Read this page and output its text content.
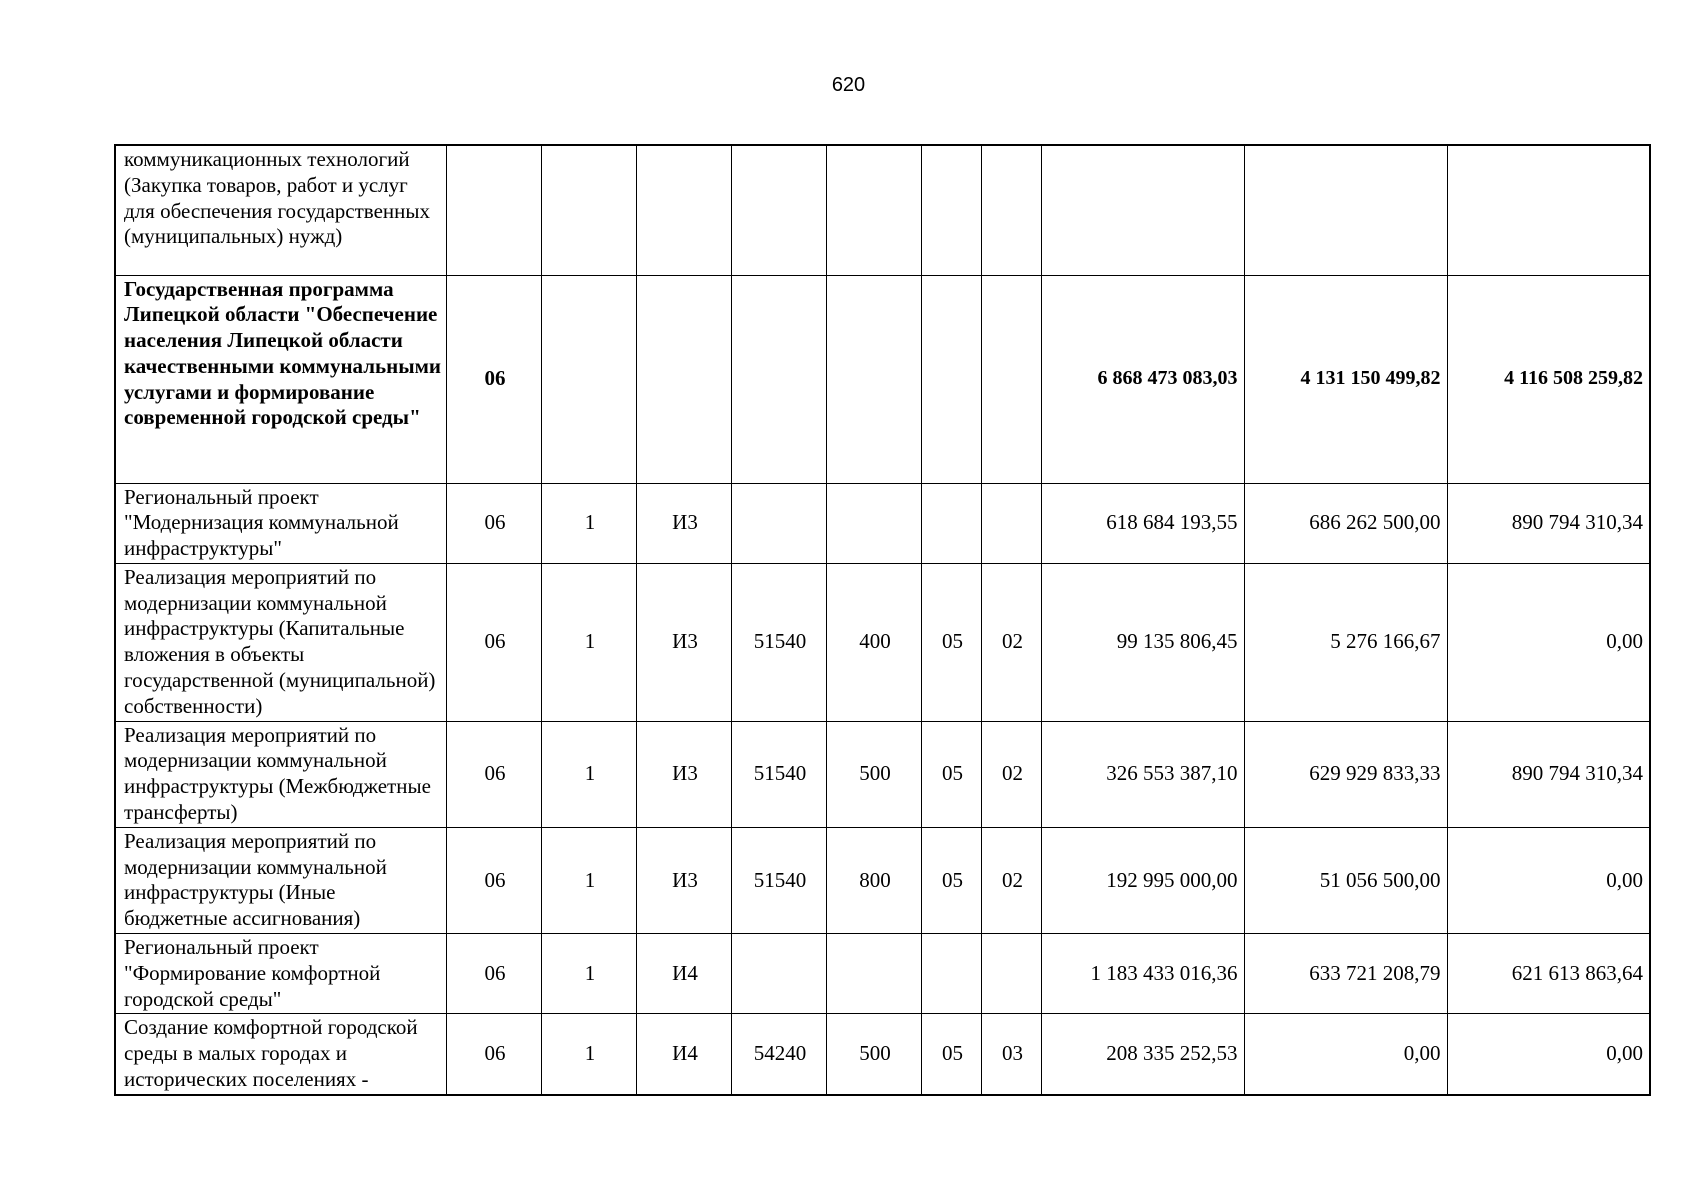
620
коммуникационных технологий (Закупка товаров, работ и услуг для обеспечения государственных (муниципальных) нужд)										
Государственная программа Липецкой области "Обеспечение населения Липецкой области качественными коммунальными услугами и формирование современной городской среды"	06							6 868 473 083,03	4 131 150 499,82	4 116 508 259,82
Региональный проект "Модернизация коммунальной инфраструктуры"	06	1	И3					618 684 193,55	686 262 500,00	890 794 310,34
Реализация мероприятий по модернизации коммунальной инфраструктуры (Капитальные вложения в объекты государственной (муниципальной) собственности)	06	1	И3	51540	400	05	02	99 135 806,45	5 276 166,67	0,00
Реализация мероприятий по модернизации коммунальной инфраструктуры (Межбюджетные трансферты)	06	1	И3	51540	500	05	02	326 553 387,10	629 929 833,33	890 794 310,34
Реализация мероприятий по модернизации коммунальной инфраструктуры (Иные бюджетные ассигнования)	06	1	И3	51540	800	05	02	192 995 000,00	51 056 500,00	0,00
Региональный проект "Формирование комфортной городской среды"	06	1	И4					1 183 433 016,36	633 721 208,79	621 613 863,64
Создание комфортной городской среды в малых городах и исторических поселениях -	06	1	И4	54240	500	05	03	208 335 252,53	0,00	0,00
